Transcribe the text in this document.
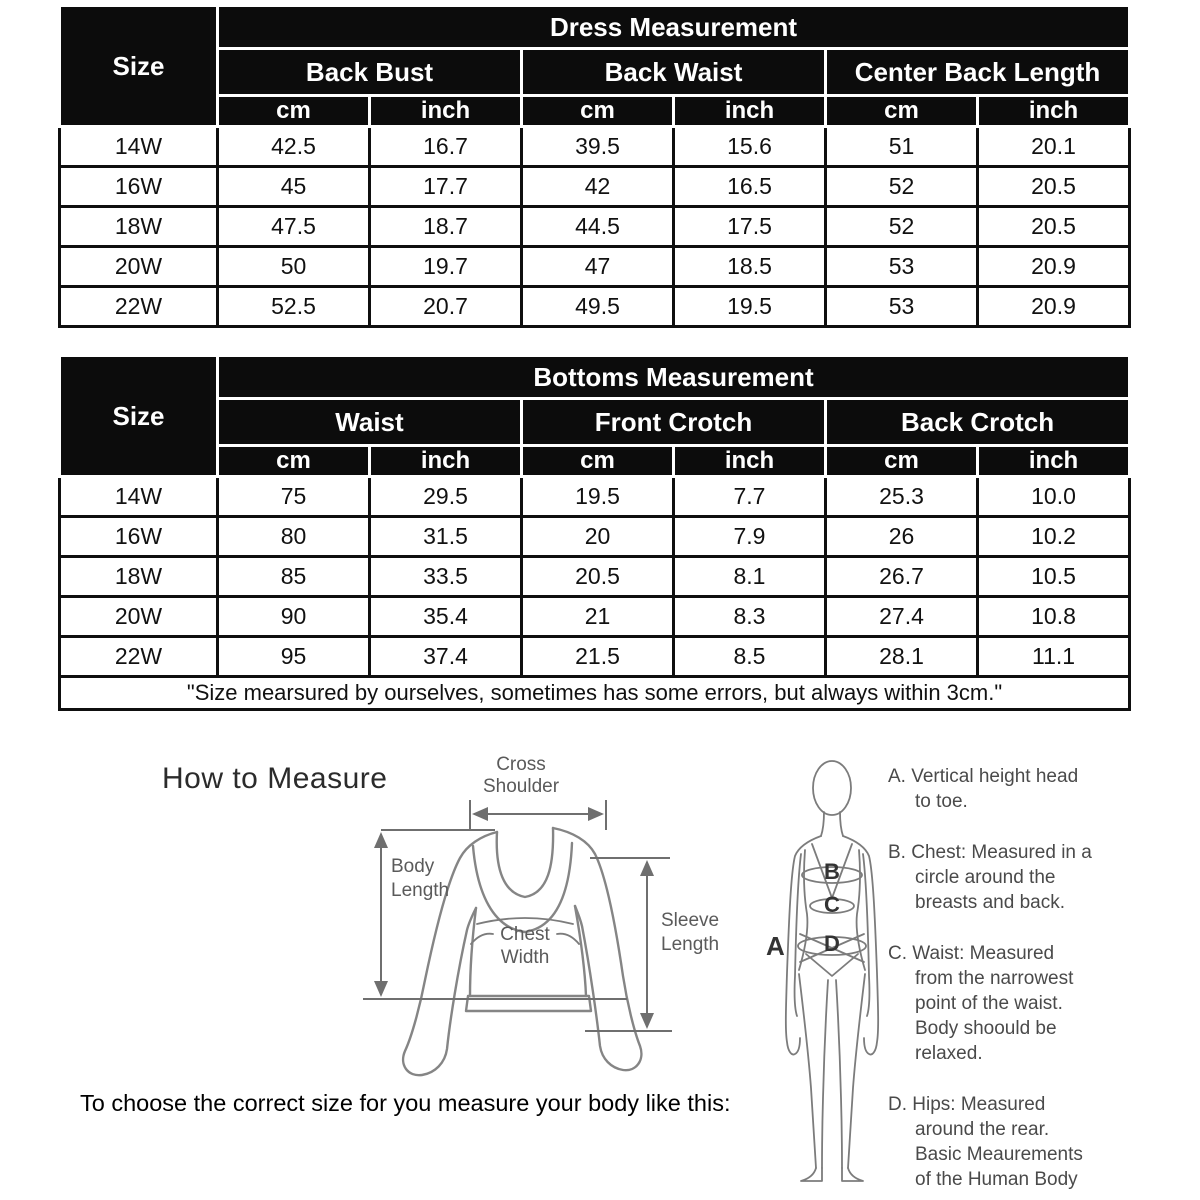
Size	Dress Measurement					
	Back Bust		Back Waist		Center Back Length	
	cm	inch	cm	inch	cm	inch
14W	42.5	16.7	39.5	15.6	51	20.1
16W	45	17.7	42	16.5	52	20.5
18W	47.5	18.7	44.5	17.5	52	20.5
20W	50	19.7	47	18.5	53	20.9
22W	52.5	20.7	49.5	19.5	53	20.9
Size	Bottoms Measurement					
	Waist		Front Crotch		Back Crotch	
	cm	inch	cm	inch	cm	inch
14W	75	29.5	19.5	7.7	25.3	10.0
16W	80	31.5	20	7.9	26	10.2
18W	85	33.5	20.5	8.1	26.7	10.5
20W	90	35.4	21	8.3	27.4	10.8
22W	95	37.4	21.5	8.5	28.1	11.1
"Size mearsured by ourselves, sometimes has some errors, but always within 3cm."						
How to Measure	Cross
Shoulder
Body
Length
Chest
Width
Sleeve
Length A
B
C
D

A. Vertical height head to toe.

B. Chest: Measured in a circle around the breasts and back.

C. Waist: Measured from the narrowest point of the waist. Body shoould be relaxed.

D. Hips: Measured around the rear. Basic Meaurements of the Human Body

To choose the correct size for you measure your body like this:
